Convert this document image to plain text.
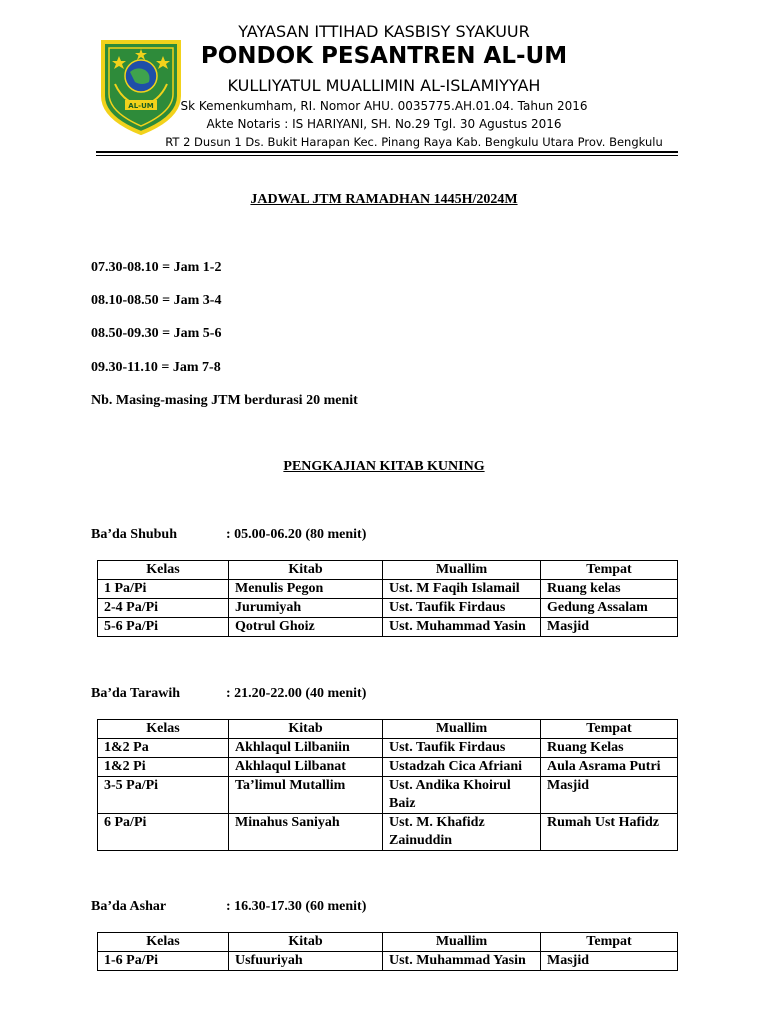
AL-UM
YAYASAN ITTIHAD KASBISY SYAKUUR
PONDOK PESANTREN AL-UM
KULLIYATUL MUALLIMIN AL-ISLAMIYYAH
Sk Kemenkumham, RI. Nomor AHU. 0035775.AH.01.04. Tahun 2016
Akte Notaris : IS HARIYANI, SH. No.29 Tgl. 30 Agustus 2016
RT 2 Dusun 1 Ds. Bukit Harapan Kec. Pinang Raya Kab. Bengkulu Utara Prov. Bengkulu
JADWAL JTM RAMADHAN 1445H/2024M
07.30-08.10 = Jam 1-2
08.10-08.50 = Jam 3-4
08.50-09.30 = Jam 5-6
09.30-11.10 = Jam 7-8
Nb. Masing-masing JTM berdurasi 20 menit
PENGKAJIAN KITAB KUNING
Ba’da Shubuh	: 05.00-06.20 (80 menit)
Kelas	Kitab	Muallim	Tempat
1 Pa/Pi	Menulis Pegon	Ust. M Faqih Islamail	Ruang kelas
2-4 Pa/Pi	Jurumiyah	Ust. Taufik Firdaus	Gedung Assalam
5-6 Pa/Pi	Qotrul Ghoiz	Ust. Muhammad Yasin	Masjid
Ba’da Tarawih	: 21.20-22.00 (40 menit)
Kelas	Kitab	Muallim	Tempat
1&2 Pa	Akhlaqul Lilbaniin	Ust. Taufik Firdaus	Ruang Kelas
1&2 Pi	Akhlaqul Lilbanat	Ustadzah Cica Afriani	Aula Asrama Putri
3-5 Pa/Pi	Ta’limul Mutallim	Ust. Andika Khoirul Baiz	Masjid
6 Pa/Pi	Minahus Saniyah	Ust. M. Khafidz Zainuddin	Rumah Ust Hafidz
Ba’da Ashar	: 16.30-17.30 (60 menit)
Kelas	Kitab	Muallim	Tempat
1-6 Pa/Pi	Usfuuriyah	Ust. Muhammad Yasin	Masjid
